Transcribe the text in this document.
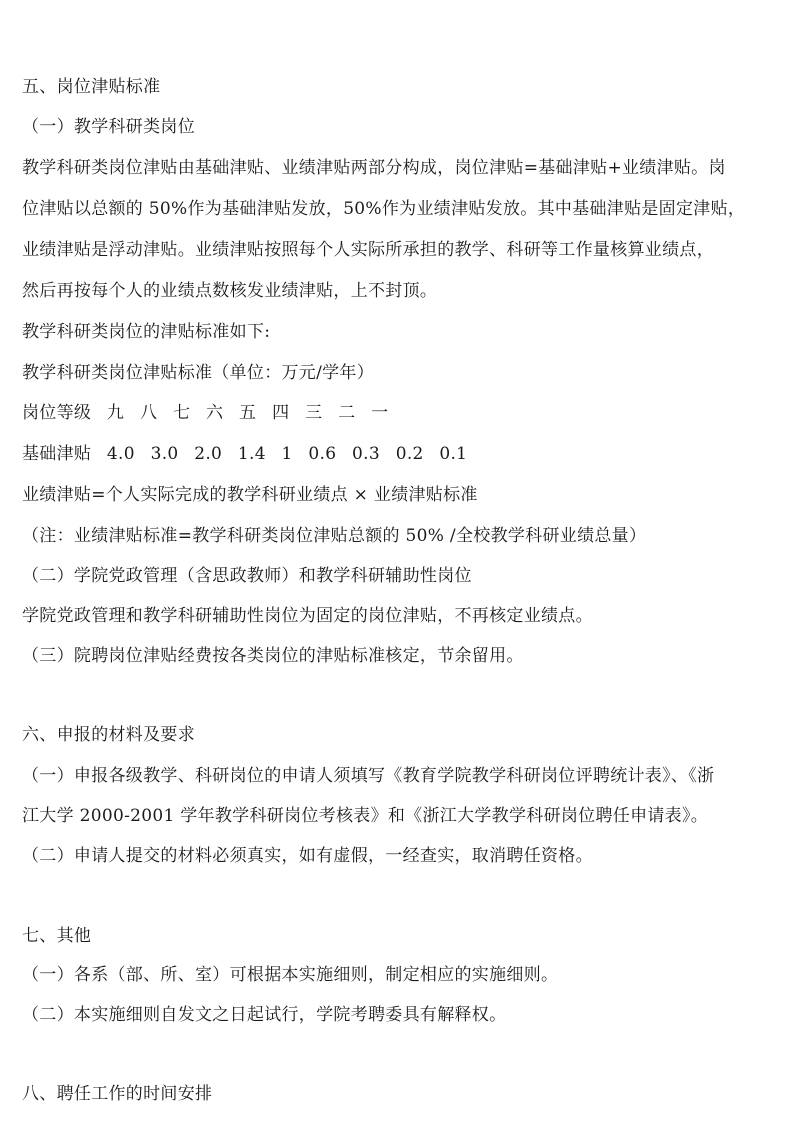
五、岗位津贴标准
（一）教学科研类岗位
教学科研类岗位津贴由基础津贴、业绩津贴两部分构成，岗位津贴=基础津贴+业绩津贴。岗
位津贴以总额的 50%作为基础津贴发放，50%作为业绩津贴发放。其中基础津贴是固定津贴，
业绩津贴是浮动津贴。业绩津贴按照每个人实际所承担的教学、科研等工作量核算业绩点，
然后再按每个人的业绩点数核发业绩津贴，上不封顶。
教学科研类岗位的津贴标准如下:
教学科研类岗位津贴标准（单位：万元/学年）
岗位等级 九 八 七 六 五 四 三 二 一
基础津贴 4.0 3.0 2.0 1.4 1 0.6 0.3 0.2 0.1
业绩津贴=个人实际完成的教学科研业绩点 × 业绩津贴标准
（注：业绩津贴标准=教学科研类岗位津贴总额的 50% /全校教学科研业绩总量）
（二）学院党政管理（含思政教师）和教学科研辅助性岗位
学院党政管理和教学科研辅助性岗位为固定的岗位津贴，不再核定业绩点。
（三）院聘岗位津贴经费按各类岗位的津贴标准核定，节余留用。
六、申报的材料及要求
（一）申报各级教学、科研岗位的申请人须填写《教育学院教学科研岗位评聘统计表》、《浙
江大学 2000-2001 学年教学科研岗位考核表》和《浙江大学教学科研岗位聘任申请表》。
（二）申请人提交的材料必须真实，如有虚假，一经查实，取消聘任资格。
七、其他
（一）各系（部、所、室）可根据本实施细则，制定相应的实施细则。
（二）本实施细则自发文之日起试行，学院考聘委具有解释权。
八、聘任工作的时间安排
